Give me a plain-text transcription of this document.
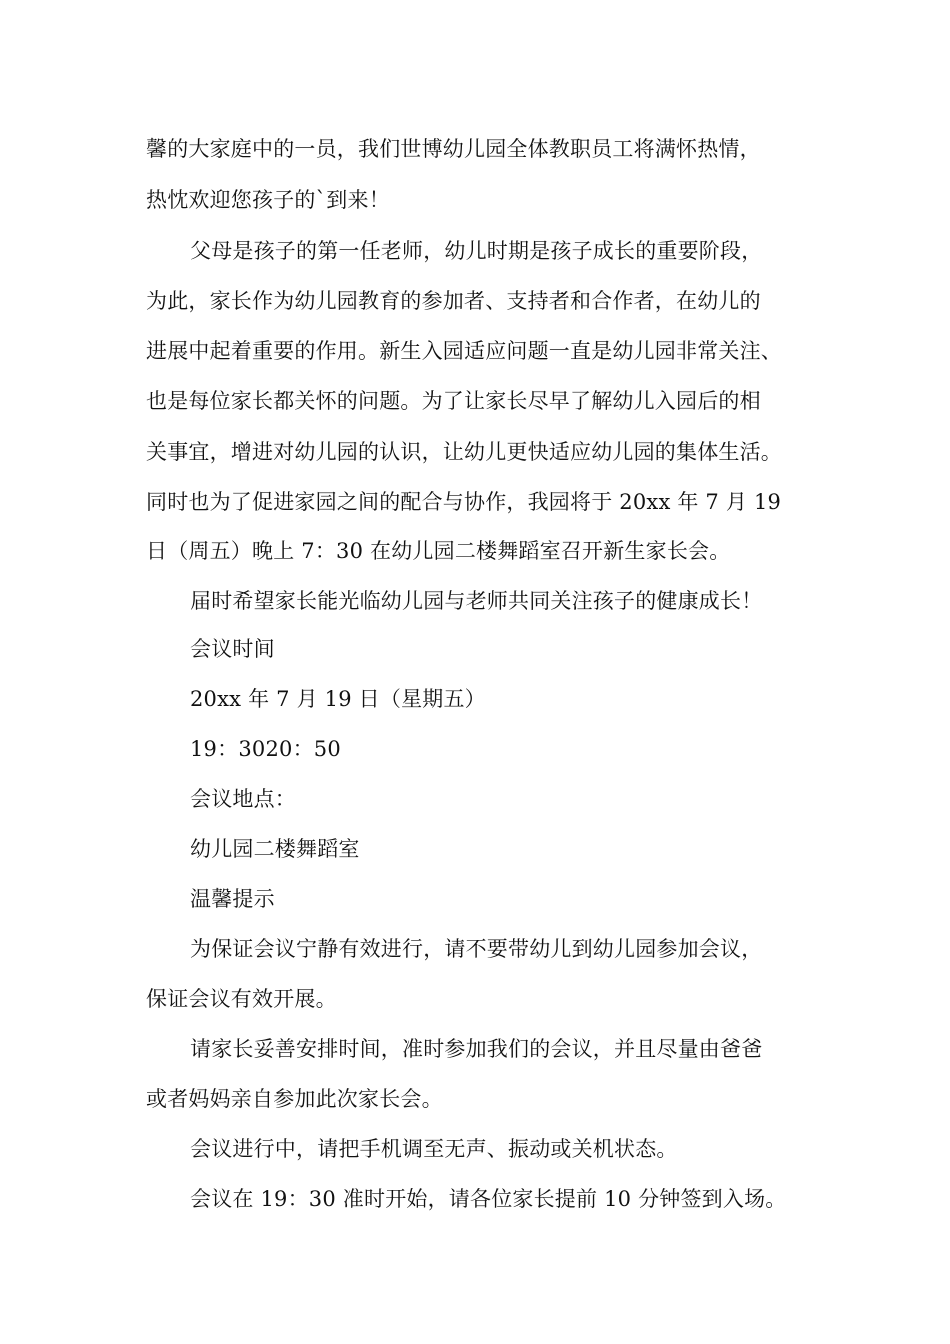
馨的大家庭中的一员，我们世博幼儿园全体教职员工将满怀热情，
热忱欢迎您孩子的`到来！
父母是孩子的第一任老师，幼儿时期是孩子成长的重要阶段，
为此，家长作为幼儿园教育的参加者、支持者和合作者，在幼儿的
进展中起着重要的作用。新生入园适应问题一直是幼儿园非常关注、
也是每位家长都关怀的问题。为了让家长尽早了解幼儿入园后的相
关事宜，增进对幼儿园的认识，让幼儿更快适应幼儿园的集体生活。
同时也为了促进家园之间的配合与协作，我园将于 20xx 年 7 月 19
日（周五）晚上 7：30 在幼儿园二楼舞蹈室召开新生家长会。
届时希望家长能光临幼儿园与老师共同关注孩子的健康成长！
会议时间
20xx 年 7 月 19 日（星期五）
19：3020：50
会议地点：
幼儿园二楼舞蹈室
温馨提示
为保证会议宁静有效进行，请不要带幼儿到幼儿园参加会议，
保证会议有效开展。
请家长妥善安排时间，准时参加我们的会议，并且尽量由爸爸
或者妈妈亲自参加此次家长会。
会议进行中，请把手机调至无声、振动或关机状态。
会议在 19：30 准时开始，请各位家长提前 10 分钟签到入场。
